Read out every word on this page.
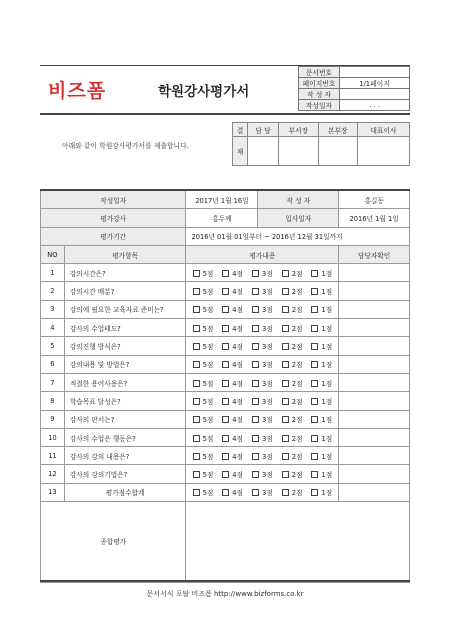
비즈폼	학원강사평가서
문서번호	
페이지번호	1/1페이지
작 성 자	
작성일자	. . .
아래와 같이 학원강사평가서를 제출합니다.
결	담 당	부서장	본부장	대표이사
재				
작성일자		2017년 1월 16일	작 성 자	홍길동
평가강사		홍두께	입사일자	2016년 1월 1일
평가기간		2016년 01월 01일부터 ~ 2016년 12월 31일까지		
NO	평가항목	평가내용		담당자확인
1	강의시간은?	5점 4점 3점 2점 1점		
2	강의시간 배분?	5점 4점 3점 2점 1점		
3	강의에 필요한 교육자료 준비는?	5점 4점 3점 2점 1점		
4	강사의 수업태도?	5점 4점 3점 2점 1점		
5	강의진행 방식은?	5점 4점 3점 2점 1점		
6	강의내용 및 방법은?	5점 4점 3점 2점 1점		
7	적절한 용어사용은?	5점 4점 3점 2점 1점		
8	학습목표 달성은?	5점 4점 3점 2점 1점		
9	강사의 판서는?	5점 4점 3점 2점 1점		
10	강사의 수업은 행동은?	5점 4점 3점 2점 1점		
11	강사의 강의 내용은?	5점 4점 3점 2점 1점		
12	강사의 강의기법은?	5점 4점 3점 2점 1점		
13	평가점수합계	5점 4점 3점 2점 1점		
종합평가				
문서서식 포탈 비즈폼 http://www.bizforms.co.kr
